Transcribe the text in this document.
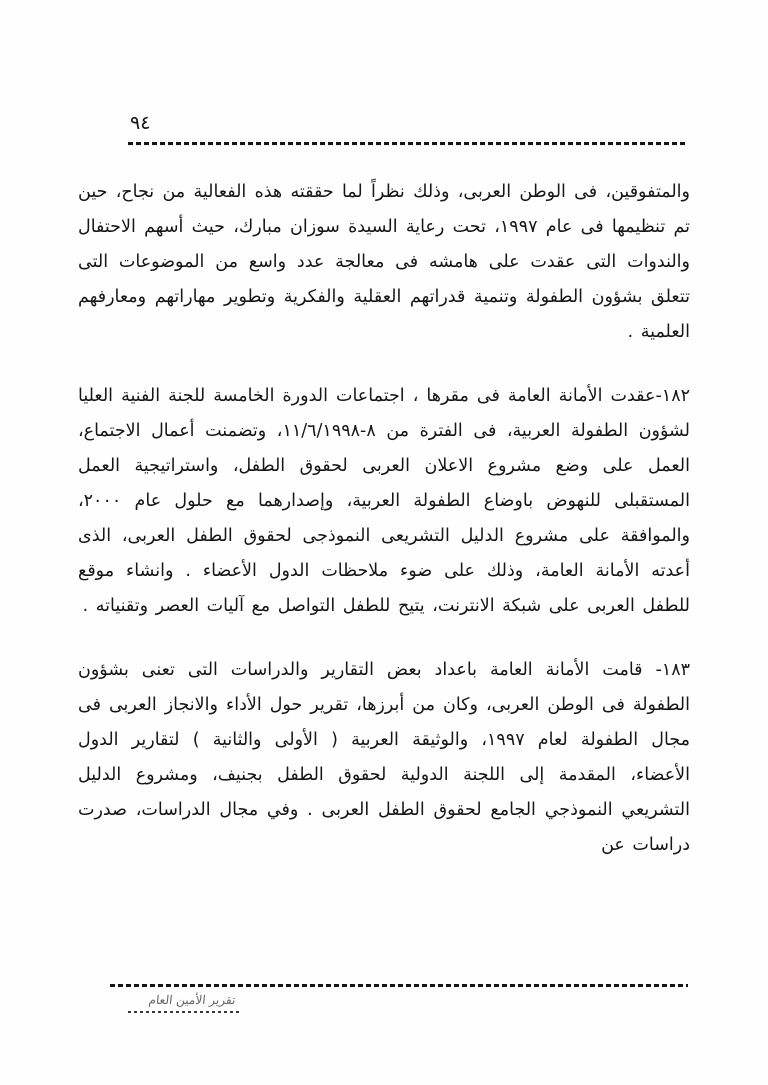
٩٤

والمتفوقين، فى الوطن العربى، وذلك نظراً لما حققته هذه الفعالية من نجاح، حين تم تنظيمها فى عام ١٩٩٧، تحت رعاية السيدة سوزان مبارك، حيث أسهم الاحتفال والندوات التى عقدت على هامشه فى معالجة عدد واسع من الموضوعات التى تتعلق بشؤون الطفولة وتنمية قدراتهم العقلية والفكرية وتطوير مهاراتهم ومعارفهم العلمية .

١٨٢-عقدت الأمانة العامة فى مقرها ، اجتماعات الدورة الخامسة للجنة الفنية العليا لشؤون الطفولة العربية، فى الفترة من ٨-١١/٦/١٩٩٨، وتضمنت أعمال الاجتماع، العمل على وضع مشروع الاعلان العربى لحقوق الطفل، واستراتيجية العمل المستقبلى للنهوض باوضاع الطفولة العربية، وإصدارهما مع حلول عام ٢٠٠٠، والموافقة على مشروع الدليل التشريعى النموذجى لحقوق الطفل العربى، الذى أعدته الأمانة العامة، وذلك على ضوء ملاحظات الدول الأعضاء . وانشاء موقع للطفل العربى على شبكة الانترنت، يتيح للطفل التواصل مع آليات العصر وتقنياته .

١٨٣- قامت الأمانة العامة باعداد بعض التقارير والدراسات التى تعنى بشؤون الطفولة فى الوطن العربى، وكان من أبرزها، تقرير حول الأداء والانجاز العربى فى مجال الطفولة لعام ١٩٩٧، والوثيقة العربية ( الأولى والثانية ) لتقارير الدول الأعضاء، المقدمة إلى اللجنة الدولية لحقوق الطفل بجنيف، ومشروع الدليل التشريعي النموذجي الجامع لحقوق الطفل العربى . وفي مجال الدراسات، صدرت دراسات عن

تقرير الأمين العام
